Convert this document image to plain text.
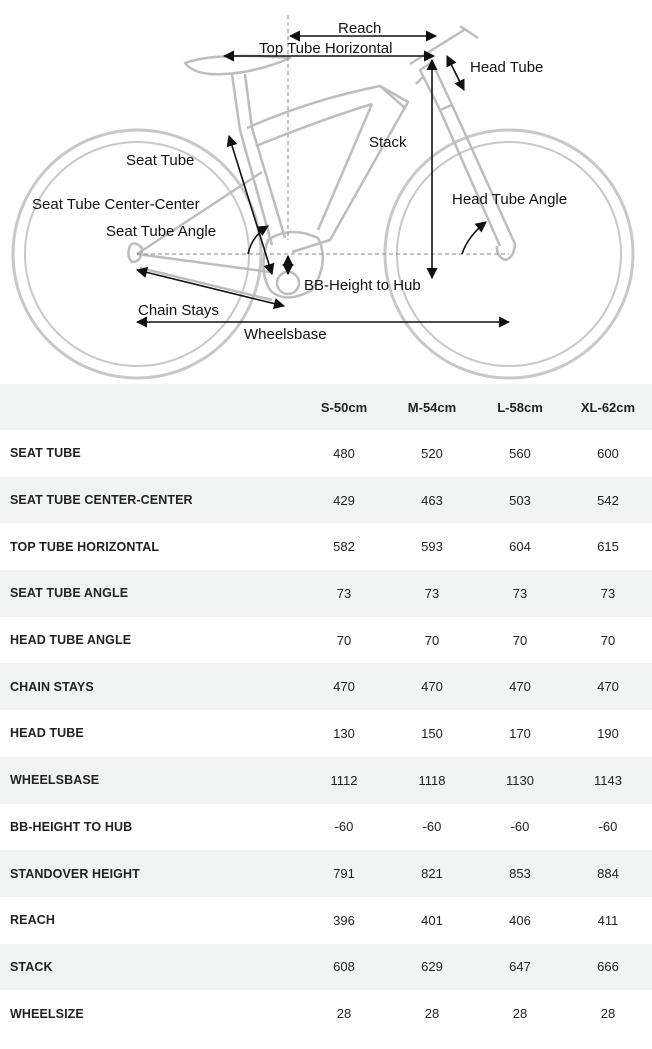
Reach
Top Tube Horizontal
Head Tube
Stack
Seat Tube
Seat Tube Center-Center	Head Tube Angle
Seat Tube Angle
BB-Height to Hub
Chain Stays
Wheelsbase
	S-50cm	M-54cm	L-58cm	XL-62cm
SEAT TUBE	480	520	560	600
SEAT TUBE CENTER-CENTER	429	463	503	542
TOP TUBE HORIZONTAL	582	593	604	615
SEAT TUBE ANGLE	73	73	73	73
HEAD TUBE ANGLE	70	70	70	70
CHAIN STAYS	470	470	470	470
HEAD TUBE	130	150	170	190
WHEELSBASE	1112	1118	1130	1143
BB-HEIGHT TO HUB	-60	-60	-60	-60
STANDOVER HEIGHT	791	821	853	884
REACH	396	401	406	411
STACK	608	629	647	666
WHEELSIZE	28	28	28	28
